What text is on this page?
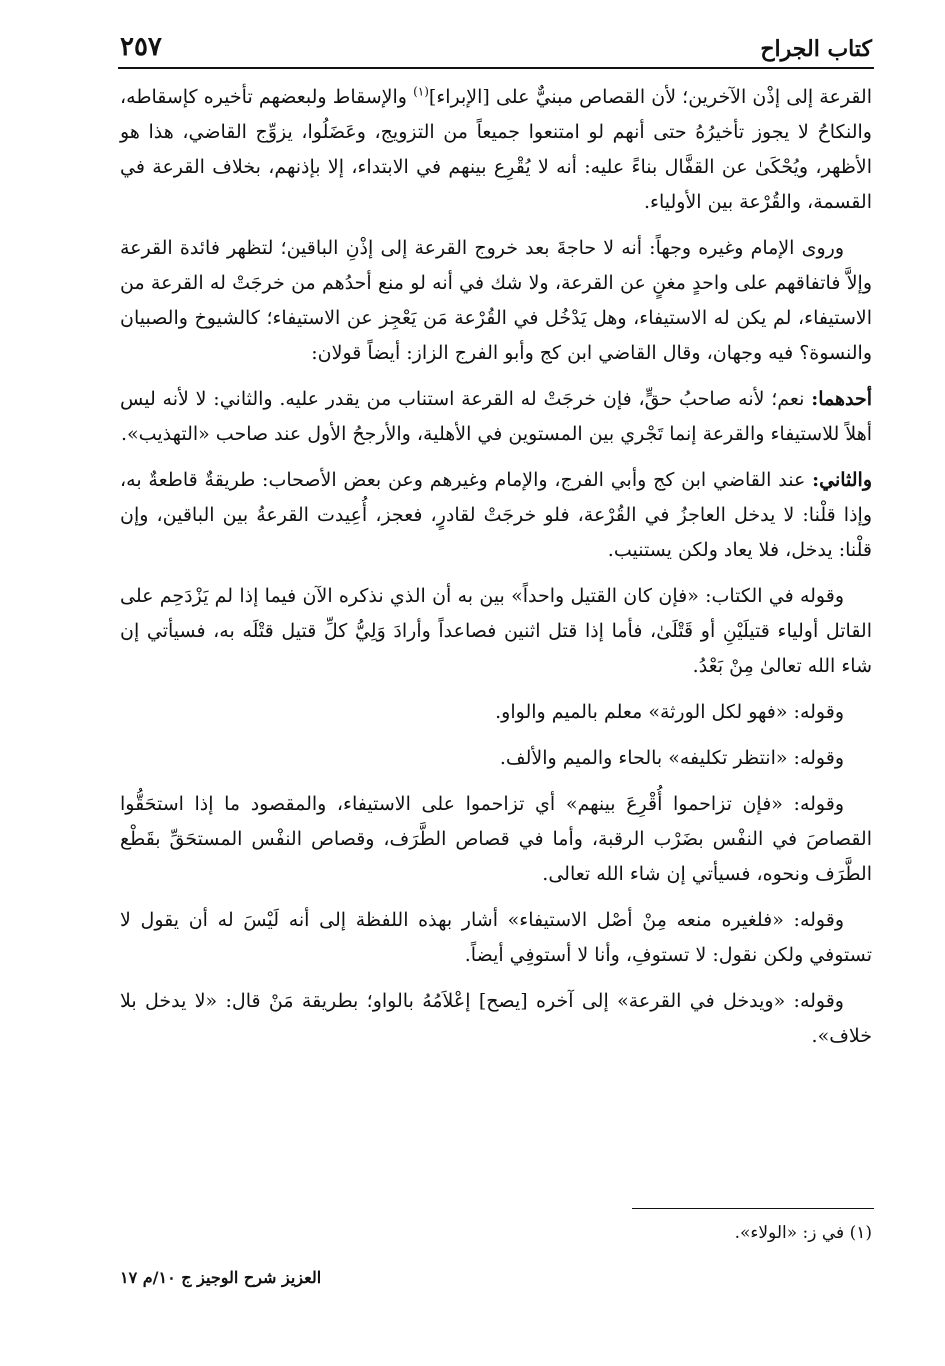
كتاب الجراح
٢٥٧

القرعة إلى إذْن الآخرين؛ لأن القصاص مبنيٌّ على [الإبراء]$^{(١)}$ والإسقاط ولبعضهم تأخيره كإسقاطه، والنكاحُ لا يجوز تأخيرُهُ حتى أنهم لو امتنعوا جميعاً من التزويج، وعَضَلُوا، يزوِّج القاضي، هذا هو الأظهر، ويُحْكَىٰ عن القفَّال بناءً عليه: أنه لا يُقْرِع بينهم في الابتداء، إلا بإذنهم، بخلاف القرعة في القسمة، والقُرْعة بين الأولياء.

وروى الإمام وغيره وجهاً: أنه لا حاجةَ بعد خروج القرعة إلى إذْنِ الباقين؛ لتظهر فائدة القرعة وإلاَّ فاتفاقهم على واحدٍ مغنٍ عن القرعة، ولا شك في أنه لو منع أحدُهم من خرجَتْ له القرعة من الاستيفاء، لم يكن له الاستيفاء، وهل يَدْخُل في القُرْعة مَن يَعْجِز عن الاستيفاء؛ كالشيوخ والصبيان والنسوة؟ فيه وجهان، وقال القاضي ابن كج وأبو الفرج الزاز: أيضاً قولان:

أحدهما: نعم؛ لأنه صاحبُ حقٍّ، فإن خرجَتْ له القرعة استناب من يقدر عليه. والثاني: لا لأنه ليس أهلاً للاستيفاء والقرعة إنما تَجْري بين المستوين في الأهلية، والأرجحُ الأول عند صاحب «التهذيب».

والثاني: عند القاضي ابن كج وأبي الفرج، والإمام وغيرهم وعن بعض الأصحاب: طريقةٌ قاطعةٌ به، وإذا قلْنا: لا يدخل العاجزُ في القُرْعة، فلو خرجَتْ لقادرٍ، فعجز، أُعِيدت القرعةُ بين الباقين، وإن قلْنا: يدخل، فلا يعاد ولكن يستنيب.

وقوله في الكتاب: «فإن كان القتيل واحداً» بين به أن الذي نذكره الآن فيما إذا لم يَزْدَحِم على القاتل أولياء قتيلَيْنِ أو قَتْلَىٰ، فأما إذا قتل اثنين فصاعداً وأرادَ وَلِيُّ كلِّ قتيل قتْلَه به، فسيأتي إن شاء الله تعالىٰ مِنْ بَعْدُ.

وقوله: «فهو لكل الورثة» معلم بالميم والواو.

وقوله: «انتظر تكليفه» بالحاء والميم والألف.

وقوله: «فإن تزاحموا أُقْرِعَ بينهم» أي تزاحموا على الاستيفاء، والمقصود ما إذا استحَقُّوا القصاصَ في النفْس بضَرْب الرقبة، وأما في قصاص الطَّرَف، وقصاص النفْس المستحَقِّ بقَطْع الطَّرَف ونحوه، فسيأتي إن شاء الله تعالى.

وقوله: «فلغيره منعه مِنْ أصْل الاستيفاء» أشار بهذه اللفظة إلى أنه لَيْسَ له أن يقول لا تستوفي ولكن نقول: لا تستوفِ، وأنا لا أستوفِي أيضاً.

وقوله: «ويدخل في القرعة» إلى آخره [يصح] إعْلاَمُهُ بالواو؛ بطريقة مَنْ قال: «لا يدخل بلا خلاف».

(١) في ز: «الولاء».
العزيز شرح الوجيز ج ١٠/م ١٧
